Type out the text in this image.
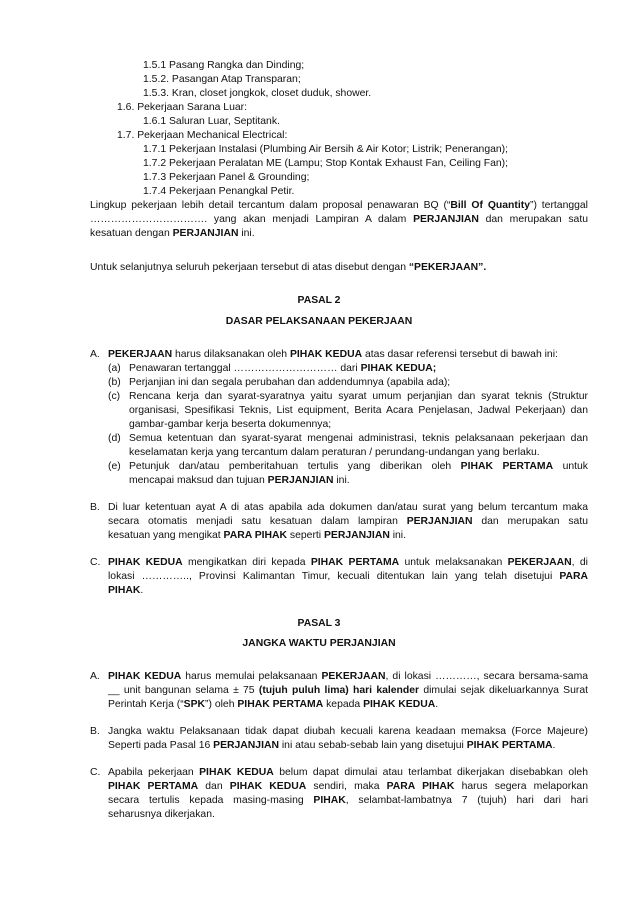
1.5.1 Pasang Rangka dan Dinding;
1.5.2. Pasangan Atap Transparan;
1.5.3. Kran, closet jongkok, closet duduk, shower.
1.6. Pekerjaan Sarana Luar:
1.6.1 Saluran Luar, Septitank.
1.7. Pekerjaan Mechanical Electrical:
1.7.1 Pekerjaan Instalasi (Plumbing Air Bersih & Air Kotor; Listrik; Penerangan);
1.7.2 Pekerjaan Peralatan ME (Lampu; Stop Kontak Exhaust Fan, Ceiling Fan);
1.7.3 Pekerjaan Panel & Grounding;
1.7.4 Pekerjaan Penangkal Petir.
Lingkup pekerjaan lebih detail tercantum dalam proposal penawaran BQ (“Bill Of Quantity”) tertanggal
……………………………. yang akan menjadi Lampiran A dalam PERJANJIAN dan merupakan satu
kesatuan dengan PERJANJIAN ini.
Untuk selanjutnya seluruh pekerjaan tersebut di atas disebut dengan “PEKERJAAN”.
PASAL 2
DASAR PELAKSANAAN PEKERJAAN
A. PEKERJAAN harus dilaksanakan oleh PIHAK KEDUA atas dasar referensi tersebut di bawah ini:
(a) Penawaran tertanggal ………………………… dari PIHAK KEDUA;
(b) Perjanjian ini dan segala perubahan dan addendumnya (apabila ada);
(c) Rencana kerja dan syarat-syaratnya yaitu syarat umum perjanjian dan syarat teknis (Struktur
organisasi, Spesifikasi Teknis, List equipment, Berita Acara Penjelasan, Jadwal Pekerjaan) dan
gambar-gambar kerja beserta dokumennya;
(d) Semua ketentuan dan syarat-syarat mengenai administrasi, teknis pelaksanaan pekerjaan dan
keselamatan kerja yang tercantum dalam peraturan / perundang-undangan yang berlaku.
(e) Petunjuk dan/atau pemberitahuan tertulis yang diberikan oleh PIHAK PERTAMA untuk
mencapai maksud dan tujuan PERJANJIAN ini.
B. Di luar ketentuan ayat A di atas apabila ada dokumen dan/atau surat yang belum tercantum maka
secara otomatis menjadi satu kesatuan dalam lampiran PERJANJIAN dan merupakan satu
kesatuan yang mengikat PARA PIHAK seperti PERJANJIAN ini.
C. PIHAK KEDUA mengikatkan diri kepada PIHAK PERTAMA untuk melaksanakan PEKERJAAN, di
lokasi ………….., Provinsi Kalimantan Timur, kecuali ditentukan lain yang telah disetujui PARA
PIHAK.
PASAL 3
JANGKA WAKTU PERJANJIAN
A. PIHAK KEDUA harus memulai pelaksanaan PEKERJAAN, di lokasi …………, secara bersama-sama
__ unit bangunan selama ± 75 (tujuh puluh lima) hari kalender dimulai sejak dikeluarkannya Surat
Perintah Kerja (“SPK”) oleh PIHAK PERTAMA kepada PIHAK KEDUA.
B. Jangka waktu Pelaksanaan tidak dapat diubah kecuali karena keadaan memaksa (Force Majeure)
Seperti pada Pasal 16 PERJANJIAN ini atau sebab-sebab lain yang disetujui PIHAK PERTAMA.
C. Apabila pekerjaan PIHAK KEDUA belum dapat dimulai atau terlambat dikerjakan disebabkan oleh
PIHAK PERTAMA dan PIHAK KEDUA sendiri, maka PARA PIHAK harus segera melaporkan
secara tertulis kepada masing-masing PIHAK, selambat-lambatnya 7 (tujuh) hari dari hari
seharusnya dikerjakan.
